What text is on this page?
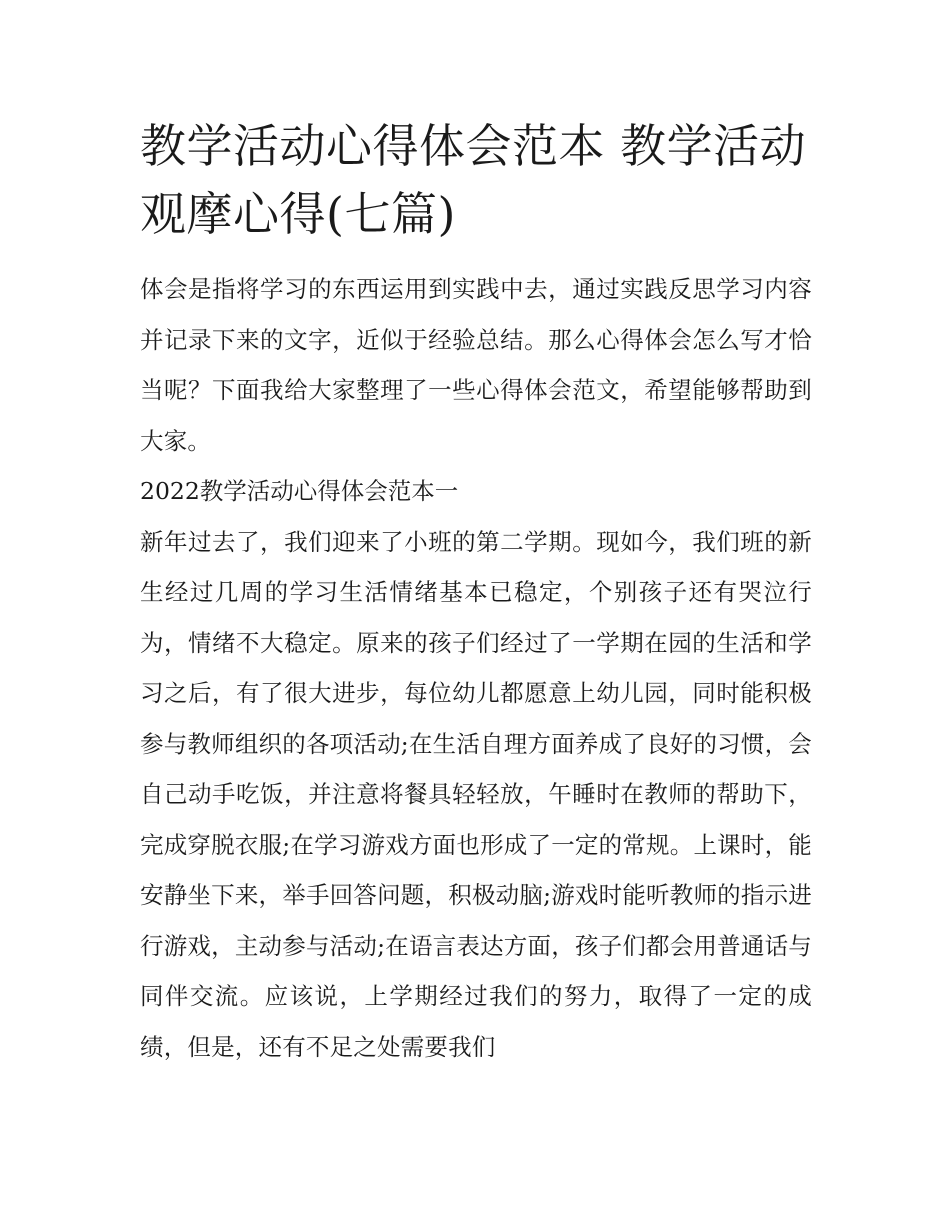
教学活动心得体会范本 教学活动观摩心得(七篇)

体会是指将学习的东西运用到实践中去，通过实践反思学习内容并记录下来的文字，近似于经验总结。那么心得体会怎么写才恰当呢？下面我给大家整理了一些心得体会范文，希望能够帮助到大家。

2022教学活动心得体会范本一

新年过去了，我们迎来了小班的第二学期。现如今，我们班的新生经过几周的学习生活情绪基本已稳定，个别孩子还有哭泣行为，情绪不大稳定。原来的孩子们经过了一学期在园的生活和学习之后，有了很大进步，每位幼儿都愿意上幼儿园，同时能积极参与教师组织的各项活动;在生活自理方面养成了良好的习惯，会自己动手吃饭，并注意将餐具轻轻放，午睡时在教师的帮助下，完成穿脱衣服;在学习游戏方面也形成了一定的常规。上课时，能安静坐下来，举手回答问题，积极动脑;游戏时能听教师的指示进行游戏，主动参与活动;在语言表达方面，孩子们都会用普通话与同伴交流。应该说，上学期经过我们的努力，取得了一定的成绩，但是，还有不足之处需要我们
